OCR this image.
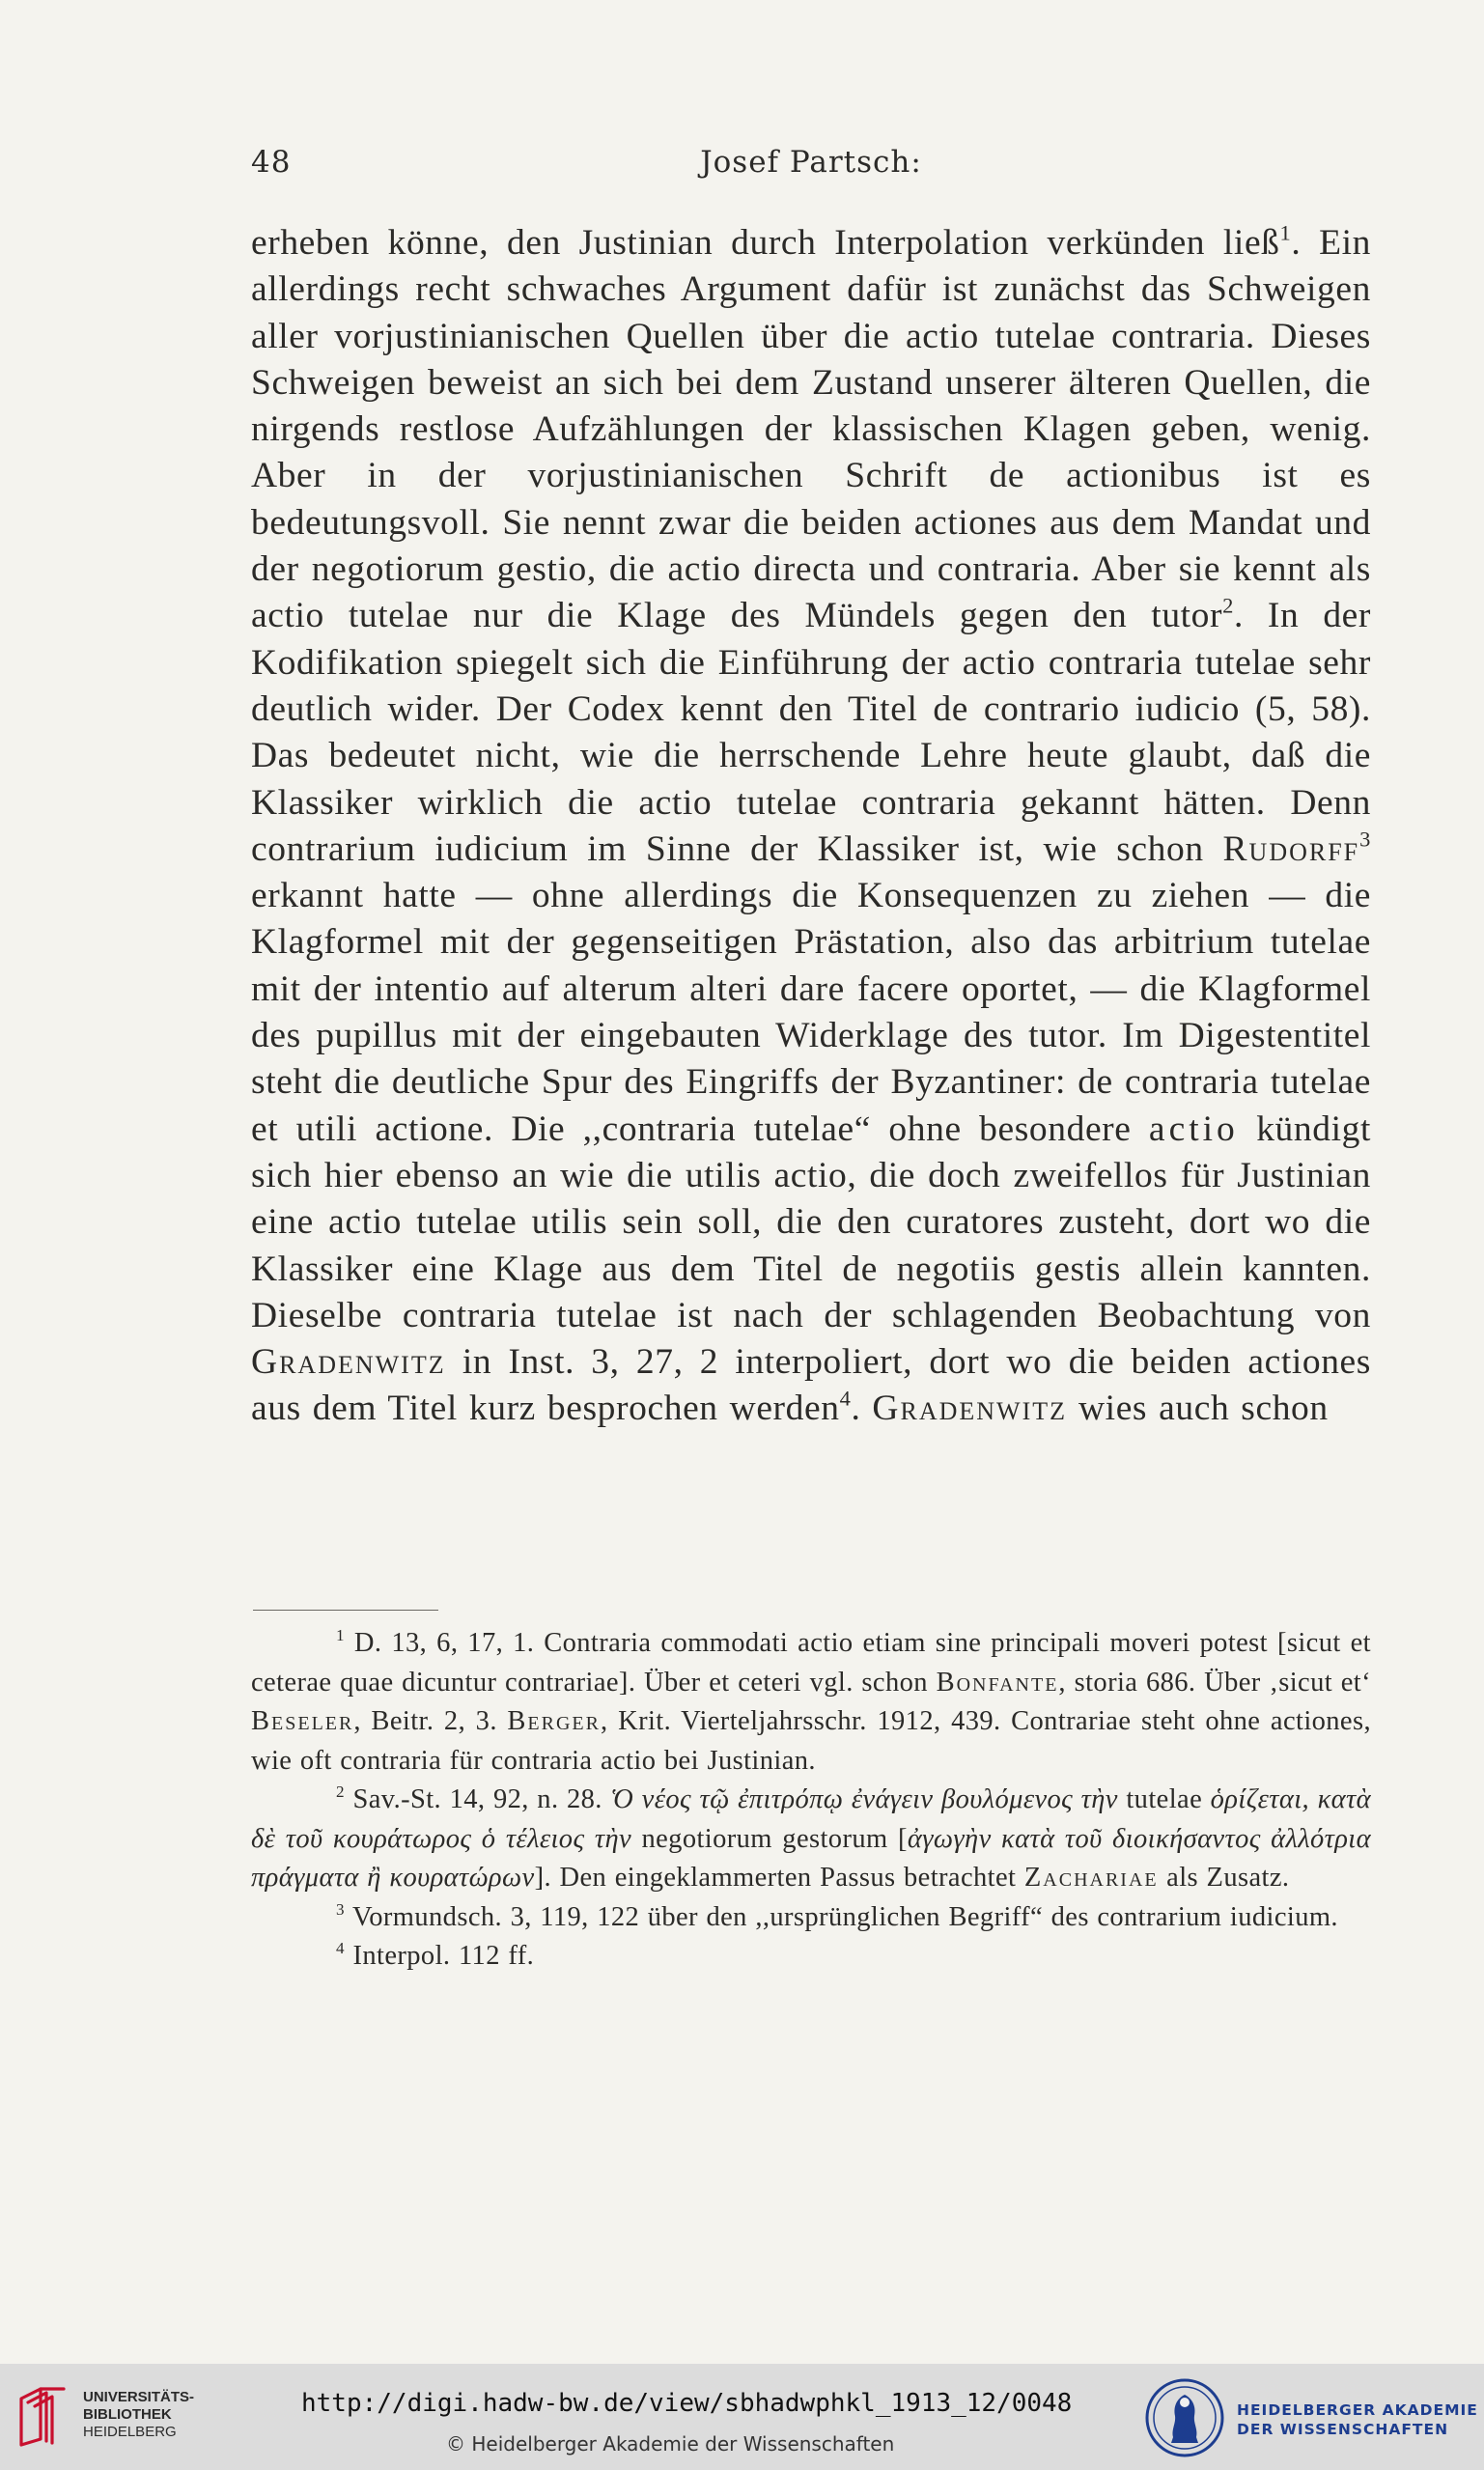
48	Josef Partsch:

erheben könne, den Justinian durch Interpolation verkünden ließ$^1$. Ein allerdings recht schwaches Argument dafür ist zunächst das Schweigen aller vorjustinianischen Quellen über die actio tutelae contraria. Dieses Schweigen beweist an sich bei dem Zustand unserer älteren Quellen, die nirgends restlose Aufzählungen der klassischen Klagen geben, wenig. Aber in der vorjustinianischen Schrift de actionibus ist es bedeutungsvoll. Sie nennt zwar die beiden actiones aus dem Mandat und der negotiorum gestio, die actio directa und contraria. Aber sie kennt als actio tutelae nur die Klage des Mündels gegen den tutor$^2$. In der Kodifikation spiegelt sich die Einführung der actio contraria tutelae sehr deutlich wider. Der Codex kennt den Titel de contrario iudicio (5, 58). Das bedeutet nicht, wie die herrschende Lehre heute glaubt, daß die Klassiker wirklich die actio tutelae contraria gekannt hätten. Denn contrarium iudicium im Sinne der Klassiker ist, wie schon Rudorff$^3$ erkannt hatte — ohne allerdings die Konsequenzen zu ziehen — die Klagformel mit der gegenseitigen Prästation, also das arbitrium tutelae mit der intentio auf alterum alteri dare facere oportet, — die Klagformel des pupillus mit der eingebauten Widerklage des tutor. Im Digestentitel steht die deutliche Spur des Eingriffs der Byzantiner: de contraria tutelae et utili actione. Die ,,contraria tutelae“ ohne besondere actio kündigt sich hier ebenso an wie die utilis actio, die doch zweifellos für Justinian eine actio tutelae utilis sein soll, die den curatores zusteht, dort wo die Klassiker eine Klage aus dem Titel de negotiis gestis allein kannten. Dieselbe contraria tutelae ist nach der schlagenden Beobachtung von Gradenwitz in Inst. 3, 27, 2 interpoliert, dort wo die beiden actiones aus dem Titel kurz besprochen werden$^4$. Gradenwitz wies auch schon

$^1$ D. 13, 6, 17, 1. Contraria commodati actio etiam sine principali moveri potest [sicut et ceterae quae dicuntur contrariae]. Über et ceteri vgl. schon Bonfante, storia 686. Über ‚sicut et‘ Beseler, Beitr. 2, 3. Berger, Krit. Vierteljahrsschr. 1912, 439. Contrariae steht ohne actiones, wie oft contraria für contraria actio bei Justinian.

$^2$ Sav.-St. 14, 92, n. 28. Ὁ νέος τῷ ἐπιτρόπῳ ἐνάγειν βουλόμενος τὴν tutelae ὁρίζεται, κατὰ δὲ τοῦ κουράτωρος ὁ τέλειος τὴν negotiorum gestorum [ἀγωγὴν κατὰ τοῦ διοικήσαντος ἀλλότρια πράγματα ἢ κουρατώρων]. Den eingeklammerten Passus betrachtet Zachariae als Zusatz.

$^3$ Vormundsch. 3, 119, 122 über den ,,ursprünglichen Begriff“ des contrarium iudicium.

$^4$ Interpol. 112 ff.

UNIVERSITÄTS-
BIBLIOTHEK
HEIDELBERG
http://digi.hadw-bw.de/view/sbhadwphkl_1913_12/0048
© Heidelberger Akademie der Wissenschaften
HEIDELBERGER AKADEMIE
DER WISSENSCHAFTEN
